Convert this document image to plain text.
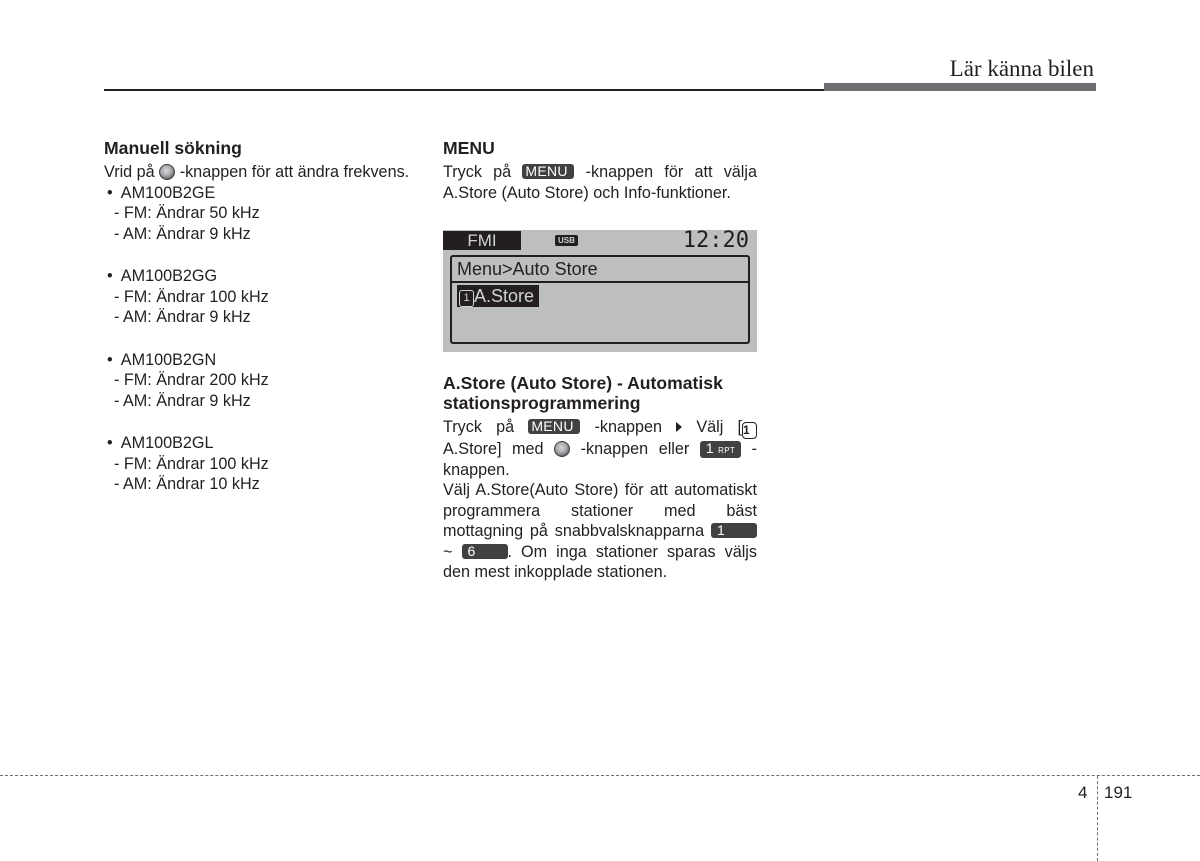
Lär känna bilen
Manuell sökning

Vrid på -knappen för att ändra frekvens.

•  AM100B2GE

- FM: Ändrar 50 kHz

- AM: Ändrar 9 kHz

•  AM100B2GG

- FM: Ändrar 100 kHz

- AM: Ändrar 9 kHz

•  AM100B2GN

- FM: Ändrar 200 kHz

- AM: Ändrar 9 kHz

•  AM100B2GL

- FM: Ändrar 100 kHz

- AM: Ändrar 10 kHz

MENU

Tryck på MENU -knappen för att välja A.Store (Auto Store) och Info-funktioner.

FMI	USB	12:20
Menu>Auto Store
1 A.Store
A.Store (Auto Store) - Automatisk stationsprogrammering

Tryck på MENU -knappen Välj [1 A.Store] med -knappen eller 1 RPT -knappen.

Välj A.Store(Auto Store) för att automatiskt programmera stationer med bäst mottagning på snabbvalsknapparna 1 ~ 6 . Om inga stationer sparas väljs den mest inkopplade stationen.

4 191
